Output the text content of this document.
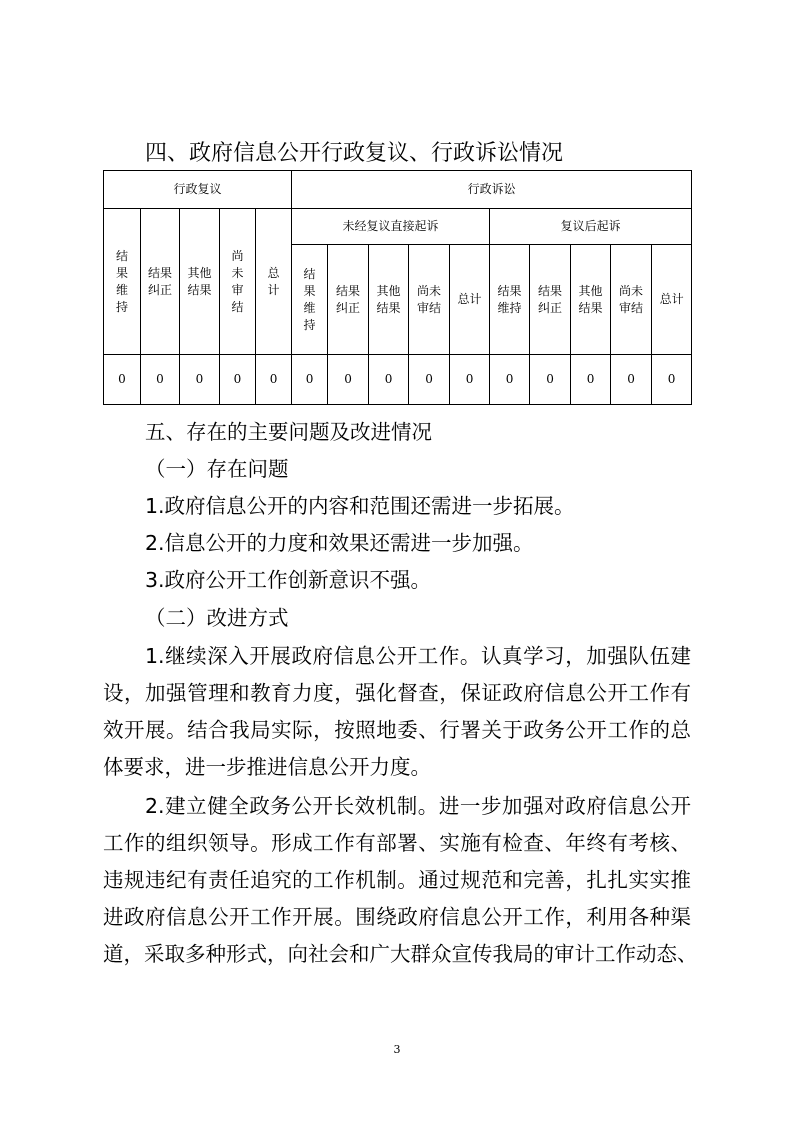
四、政府信息公开行政复议、行政诉讼情况
行政复议					行政诉讼									
结果维持	结果纠正	其他结果	尚未审结	总计	未经复议直接起诉					复议后起诉				
					结果维持	结果纠正	其他结果	尚未审结	总计	结果维持	结果纠正	其他结果	尚未审结	总计
0	0	0	0	0	0	0	0	0	0	0	0	0	0	0
五、存在的主要问题及改进情况
（一）存在问题
1.政府信息公开的内容和范围还需进一步拓展。
2.信息公开的力度和效果还需进一步加强。
3.政府公开工作创新意识不强。
（二）改进方式
1.继续深入开展政府信息公开工作。认真学习，加强队伍建
设，加强管理和教育力度，强化督查，保证政府信息公开工作有
效开展。结合我局实际，按照地委、行署关于政务公开工作的总
体要求，进一步推进信息公开力度。
2.建立健全政务公开长效机制。进一步加强对政府信息公开
工作的组织领导。形成工作有部署、实施有检查、年终有考核、
违规违纪有责任追究的工作机制。通过规范和完善，扎扎实实推
进政府信息公开工作开展。围绕政府信息公开工作，利用各种渠
道，采取多种形式，向社会和广大群众宣传我局的审计工作动态、
3
